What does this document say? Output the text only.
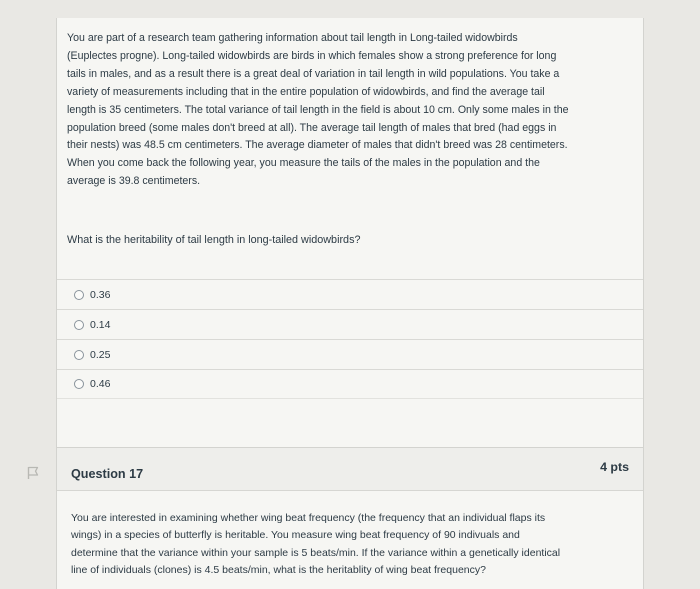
You are part of a research team gathering information about tail length in Long-tailed widowbirds
(Euplectes progne). Long-tailed widowbirds are birds in which females show a strong preference for long
tails in males, and as a result there is a great deal of variation in tail length in wild populations. You take a
variety of measurements including that in the entire population of widowbirds, and find the average tail
length is 35 centimeters. The total variance of tail length in the field is about 10 cm. Only some males in the
population breed (some males don't breed at all). The average tail length of males that bred (had eggs in
their nests) was 48.5 cm centimeters. The average diameter of males that didn't breed was 28 centimeters.
When you come back the following year, you measure the tails of the males in the population and the
average is 39.8 centimeters.
What is the heritability of tail length in long-tailed widowbirds?
0.36
0.14
0.25
0.46
Question 17	4 pts
You are interested in examining whether wing beat frequency (the frequency that an individual flaps its
wings) in a species of butterfly is heritable. You measure wing beat frequency of 90 indivuals and
determine that the variance within your sample is 5 beats/min. If the variance within a genetically identical
line of individuals (clones) is 4.5 beats/min, what is the heritablity of wing beat frequency?
